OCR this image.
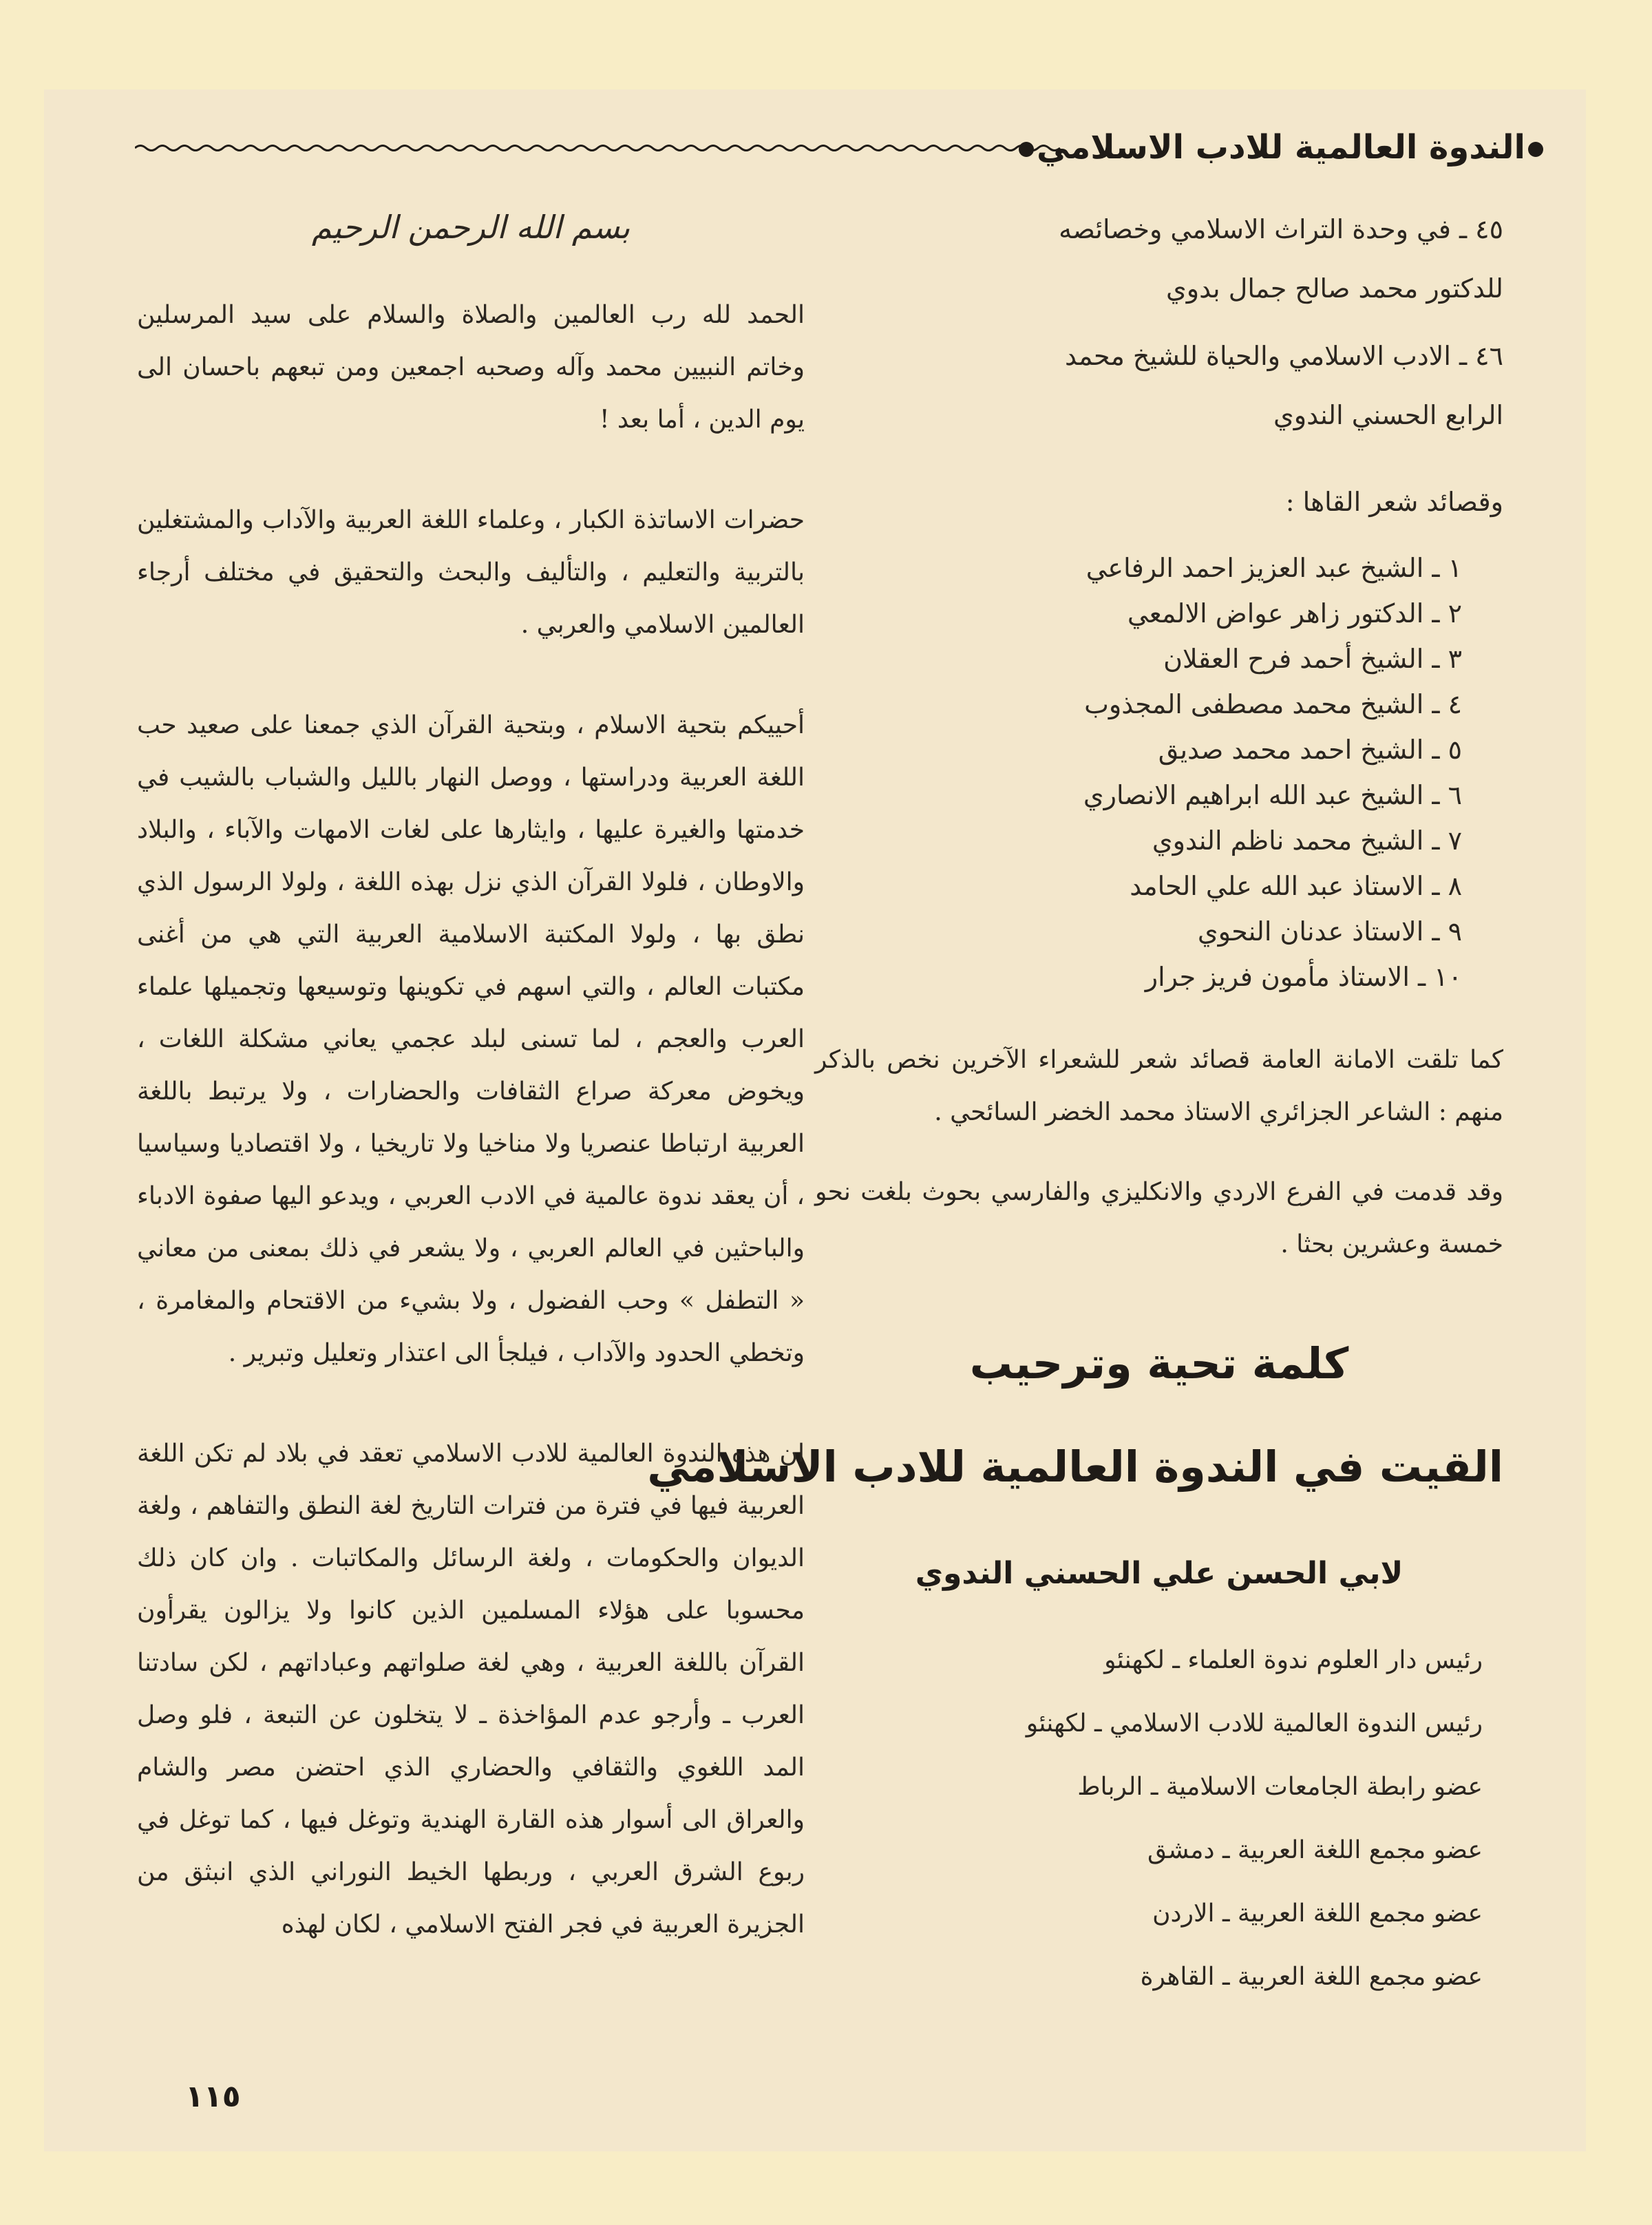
الندوة العالمية للادب الاسلامي
٤٥ ـ في وحدة التراث الاسلامي وخصائصه
للدكتور محمد صالح جمال بدوي
٤٦ ـ الادب الاسلامي والحياة للشيخ محمد
الرابع الحسني الندوي
وقصائد شعر القاها :
١ ـ الشيخ عبد العزيز احمد الرفاعي
٢ ـ الدكتور زاهر عواض الالمعي
٣ ـ الشيخ أحمد فرح العقلان
٤ ـ الشيخ محمد مصطفى المجذوب
٥ ـ الشيخ احمد محمد صديق
٦ ـ الشيخ عبد الله ابراهيم الانصاري
٧ ـ الشيخ محمد ناظم الندوي
٨ ـ الاستاذ عبد الله علي الحامد
٩ ـ الاستاذ عدنان النحوي
١٠ ـ الاستاذ مأمون فريز جرار

كما تلقت الامانة العامة قصائد شعر للشعراء الآخرين نخص بالذكر منهم : الشاعر الجزائري الاستاذ محمد الخضر السائحي .

وقد قدمت في الفرع الاردي والانكليزي والفارسي بحوث بلغت نحو خمسة وعشرين بحثا .

كلمة تحية وترحيب
القيت في الندوة العالمية للادب الاسلامي
لابي الحسن علي الحسني الندوي
رئيس دار العلوم ندوة العلماء ـ لكهنئو
رئيس الندوة العالمية للادب الاسلامي ـ لكهنئو
عضو رابطة الجامعات الاسلامية ـ الرباط
عضو مجمع اللغة العربية ـ دمشق
عضو مجمع اللغة العربية ـ الاردن
عضو مجمع اللغة العربية ـ القاهرة
بسم الله الرحمن الرحيم

الحمد لله رب العالمين والصلاة والسلام على سيد المرسلين وخاتم النبيين محمد وآله وصحبه اجمعين ومن تبعهم باحسان الى يوم الدين ، أما بعد !

حضرات الاساتذة الكبار ، وعلماء اللغة العربية والآداب والمشتغلين بالتربية والتعليم ، والتأليف والبحث والتحقيق في مختلف أرجاء العالمين الاسلامي والعربي .

أحييكم بتحية الاسلام ، وبتحية القرآن الذي جمعنا على صعيد حب اللغة العربية ودراستها ، ووصل النهار بالليل والشباب بالشيب في خدمتها والغيرة عليها ، وايثارها على لغات الامهات والآباء ، والبلاد والاوطان ، فلولا القرآن الذي نزل بهذه اللغة ، ولولا الرسول الذي نطق بها ، ولولا المكتبة الاسلامية العربية التي هي من أغنى مكتبات العالم ، والتي اسهم في تكوينها وتوسيعها وتجميلها علماء العرب والعجم ، لما تسنى لبلد عجمي يعاني مشكلة اللغات ، ويخوض معركة صراع الثقافات والحضارات ، ولا يرتبط باللغة العربية ارتباطا عنصريا ولا مناخيا ولا تاريخيا ، ولا اقتصاديا وسياسيا ، أن يعقد ندوة عالمية في الادب العربي ، ويدعو اليها صفوة الادباء والباحثين في العالم العربي ، ولا يشعر في ذلك بمعنى من معاني « التطفل » وحب الفضول ، ولا بشيء من الاقتحام والمغامرة ، وتخطي الحدود والآداب ، فيلجأ الى اعتذار وتعليل وتبرير .

ان هذه الندوة العالمية للادب الاسلامي تعقد في بلاد لم تكن اللغة العربية فيها في فترة من فترات التاريخ لغة النطق والتفاهم ، ولغة الديوان والحكومات ، ولغة الرسائل والمكاتبات . وان كان ذلك محسوبا على هؤلاء المسلمين الذين كانوا ولا يزالون يقرأون القرآن باللغة العربية ، وهي لغة صلواتهم وعباداتهم ، لكن سادتنا العرب ـ وأرجو عدم المؤاخذة ـ لا يتخلون عن التبعة ، فلو وصل المد اللغوي والثقافي والحضاري الذي احتضن مصر والشام والعراق الى أسوار هذه القارة الهندية وتوغل فيها ، كما توغل في ربوع الشرق العربي ، وربطها الخيط النوراني الذي انبثق من الجزيرة العربية في فجر الفتح الاسلامي ، لكان لهذه

١١٥
